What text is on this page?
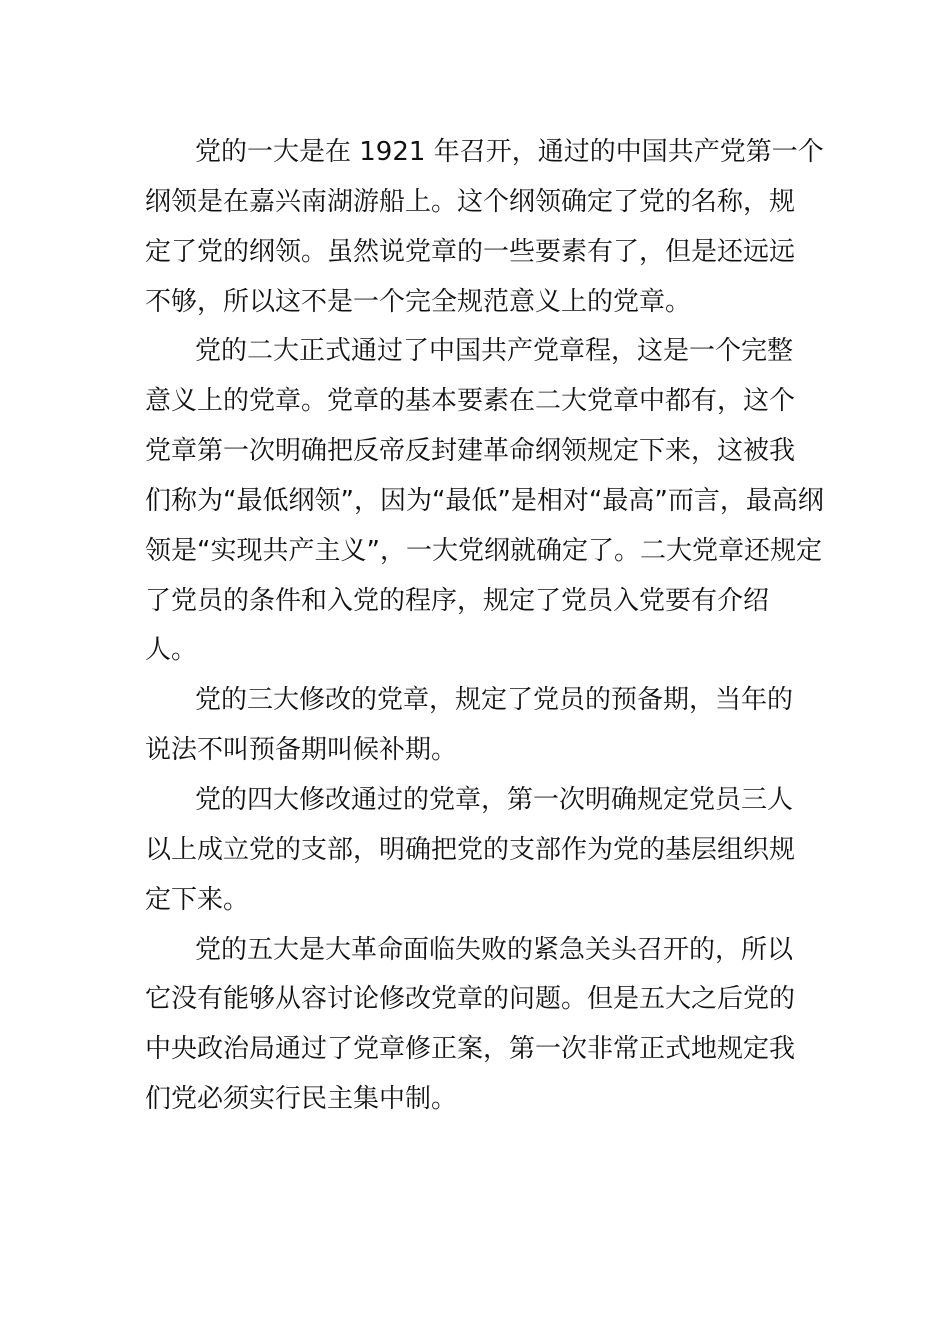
党的一大是在 1921 年召开，通过的中国共产党第一个
纲领是在嘉兴南湖游船上。这个纲领确定了党的名称，规
定了党的纲领。虽然说党章的一些要素有了，但是还远远
不够，所以这不是一个完全规范意义上的党章。
党的二大正式通过了中国共产党章程，这是一个完整
意义上的党章。党章的基本要素在二大党章中都有，这个
党章第一次明确把反帝反封建革命纲领规定下来，这被我
们称为“最低纲领”，因为“最低”是相对“最高”而言，最高纲
领是“实现共产主义”，一大党纲就确定了。二大党章还规定
了党员的条件和入党的程序，规定了党员入党要有介绍
人。
党的三大修改的党章，规定了党员的预备期，当年的
说法不叫预备期叫候补期。
党的四大修改通过的党章，第一次明确规定党员三人
以上成立党的支部，明确把党的支部作为党的基层组织规
定下来。
党的五大是大革命面临失败的紧急关头召开的，所以
它没有能够从容讨论修改党章的问题。但是五大之后党的
中央政治局通过了党章修正案，第一次非常正式地规定我
们党必须实行民主集中制。
